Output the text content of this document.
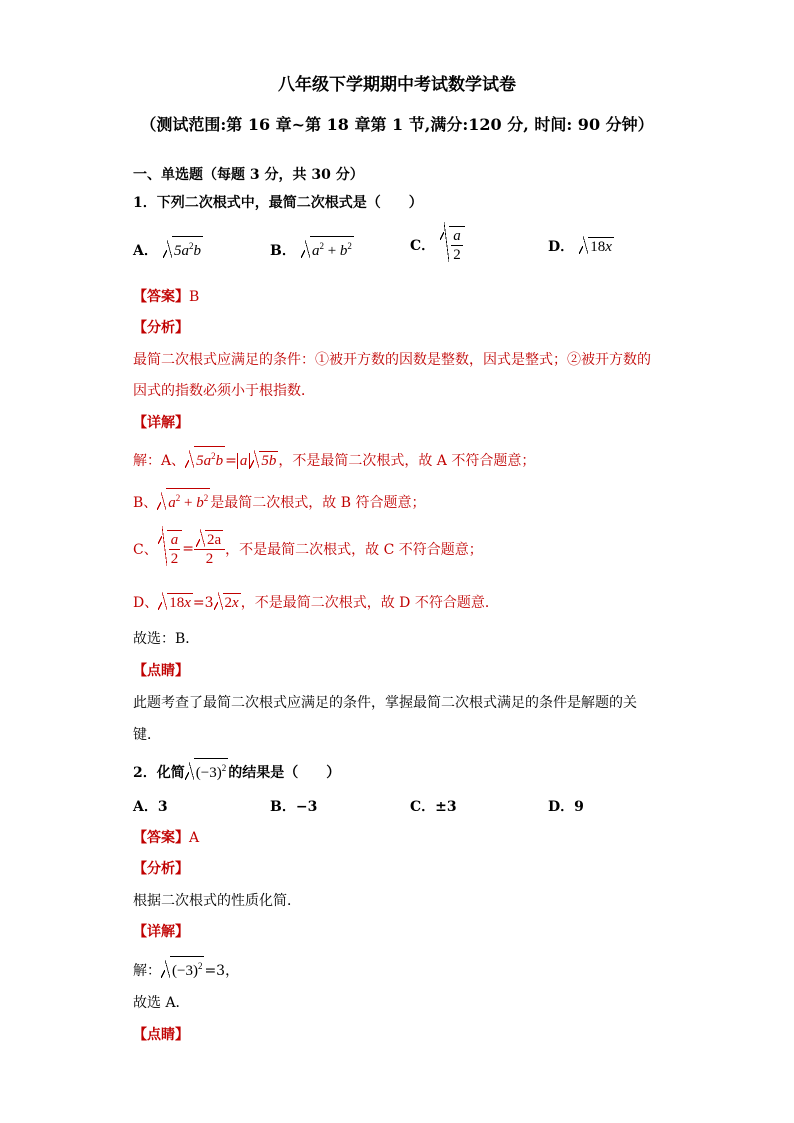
八年级下学期期中考试数学试卷
（测试范围:第 16 章~第 18 章第 1 节,满分:120 分, 时间: 90 分钟）
一、单选题（每题 3 分，共 30 分）
1．下列二次根式中，最简二次根式是（　　）
A． $5a^2b$	B． $a^2 + b^2$	C． $\frac{a}{2}$	D． 18x
【答案】B
【分析】
最简二次根式应满足的条件：①被开方数的因数是整数，因式是整式；②被开方数的
因式的指数必须小于根指数．
【详解】
解：A、 $5a^2b = a$ 5b ，不是最简二次根式，故 A 不符合题意；
B、 $a^2 + b^2$ 是最简二次根式，故 B 符合题意；
C、 $\frac{a}{2} = \frac{2a}{2}$ ，不是最简二次根式，故 C 不符合题意；
D、 18x =3 2x ，不是最简二次根式，故 D 不符合题意．
故选：B．
【点睛】
此题考查了最简二次根式应满足的条件，掌握最简二次根式满足的条件是解题的关
键．
2．化简 $(-3)^2$ 的结果是（　　）
A．3	B．−3	C．±3	D．9
【答案】A
【分析】
根据二次根式的性质化简．
【详解】
解： $(-3)^2 =3$，
故选 A．
【点睛】
